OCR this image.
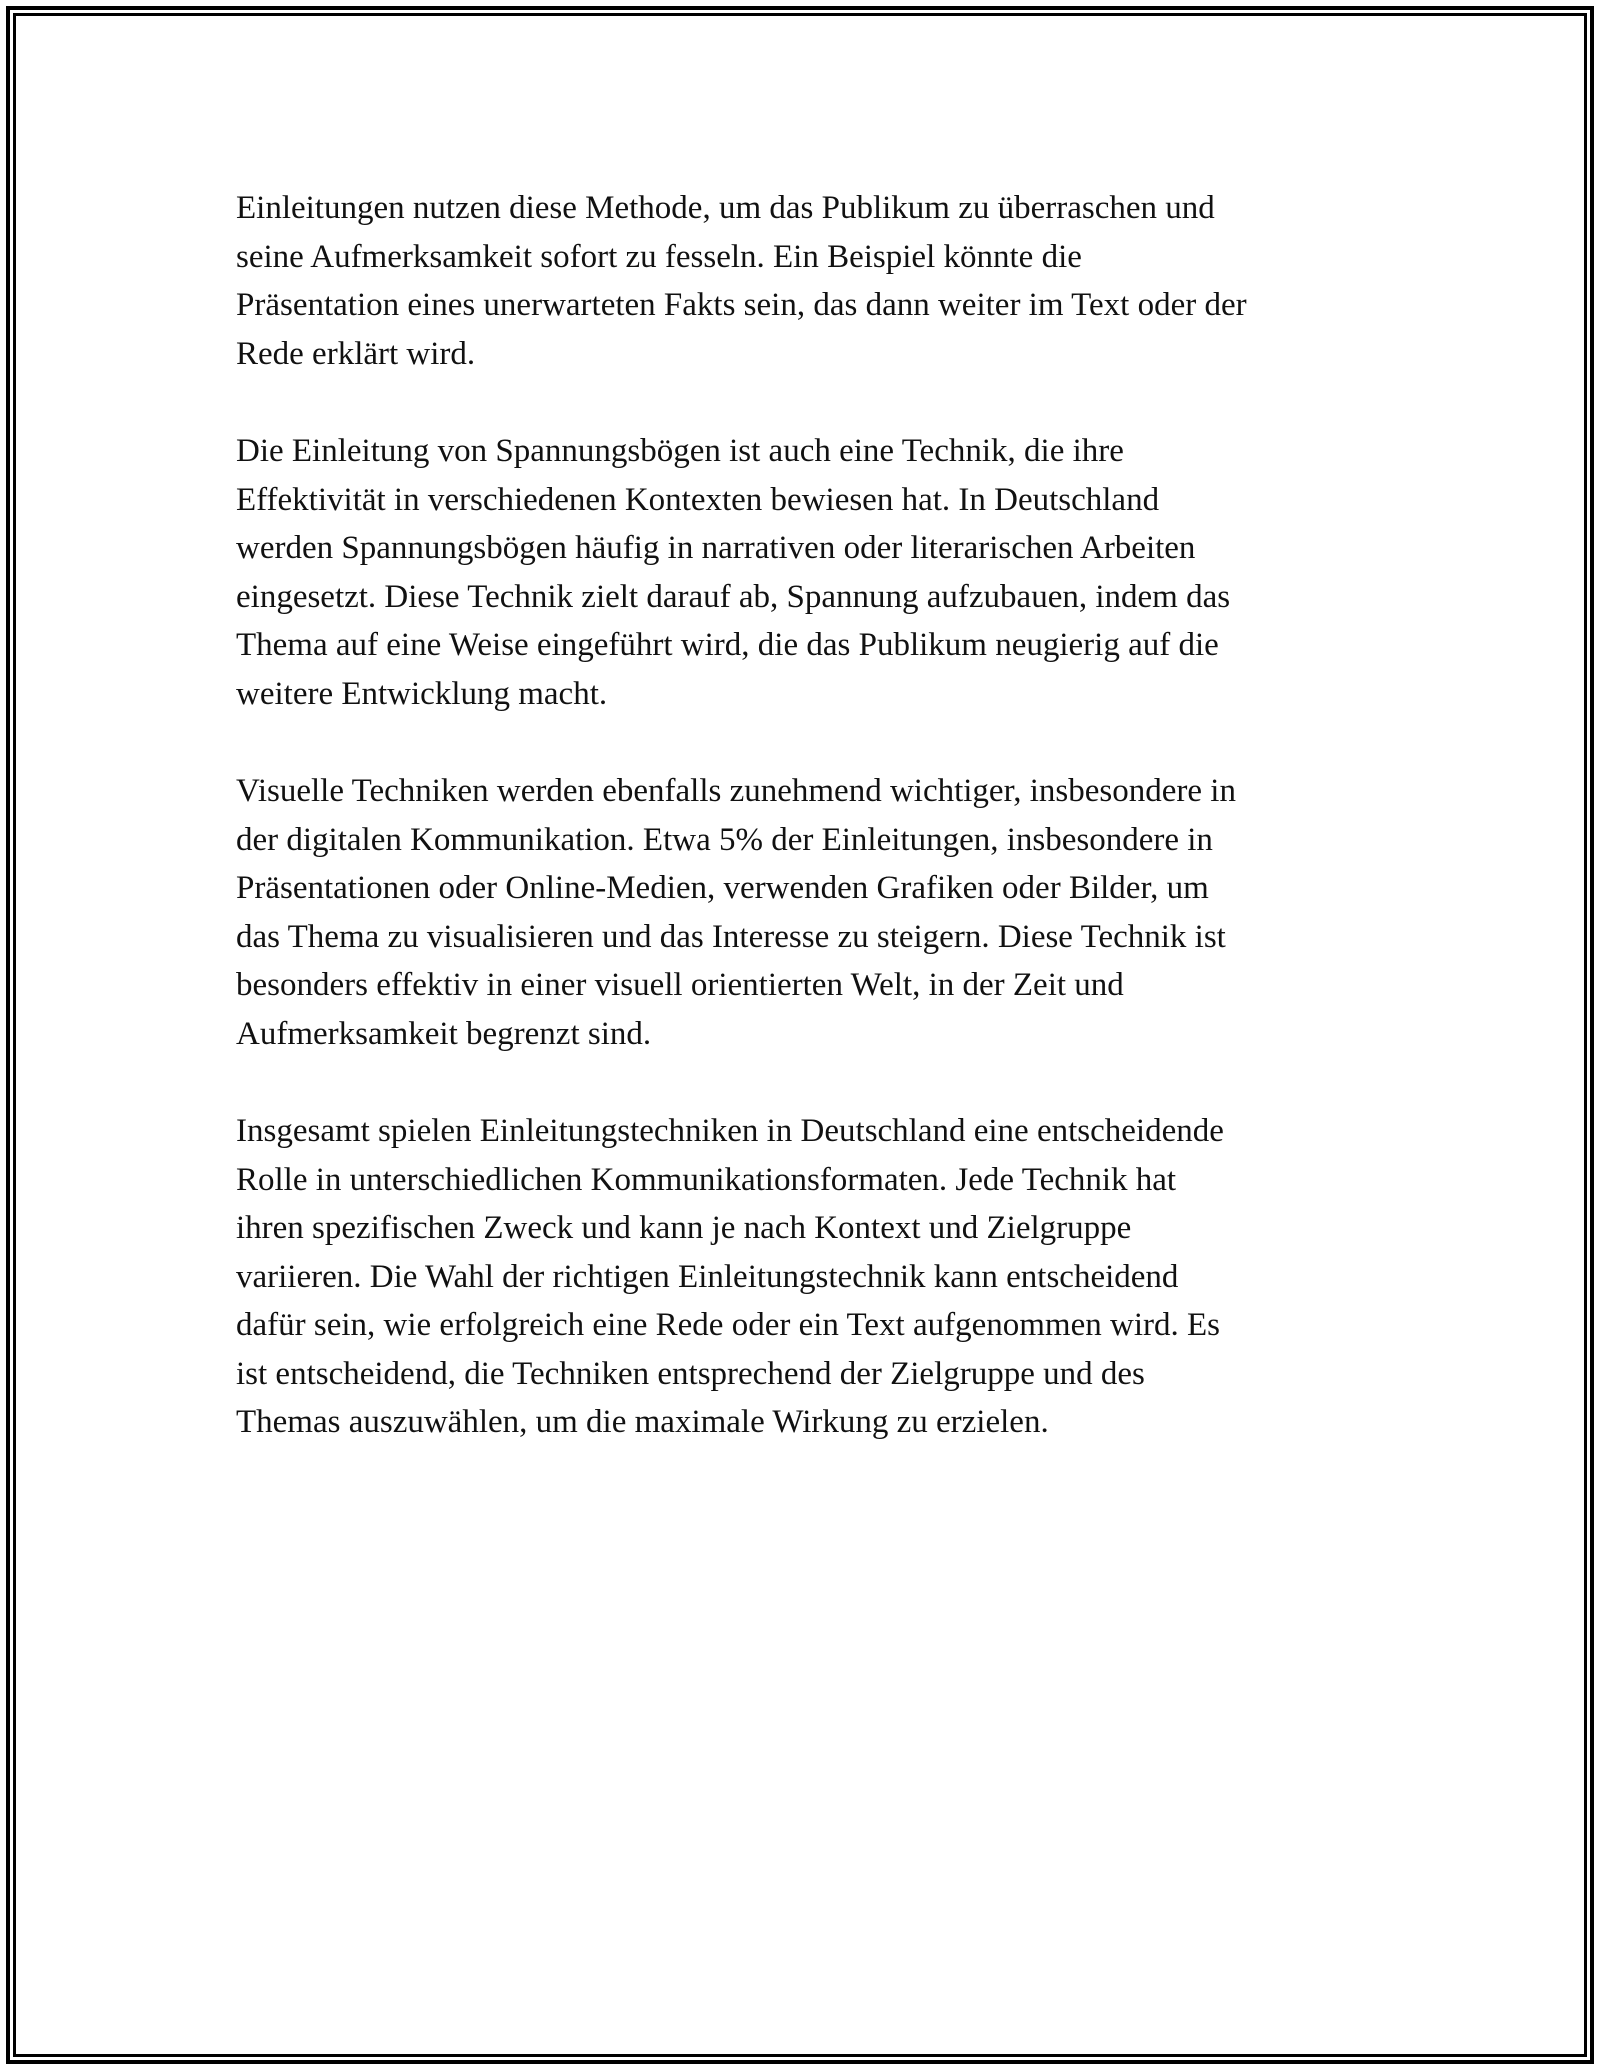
Einleitungen nutzen diese Methode, um das Publikum zu überraschen und
seine Aufmerksamkeit sofort zu fesseln. Ein Beispiel könnte die
Präsentation eines unerwarteten Fakts sein, das dann weiter im Text oder der
Rede erklärt wird.

Die Einleitung von Spannungsbögen ist auch eine Technik, die ihre
Effektivität in verschiedenen Kontexten bewiesen hat. In Deutschland
werden Spannungsbögen häufig in narrativen oder literarischen Arbeiten
eingesetzt. Diese Technik zielt darauf ab, Spannung aufzubauen, indem das
Thema auf eine Weise eingeführt wird, die das Publikum neugierig auf die
weitere Entwicklung macht.

Visuelle Techniken werden ebenfalls zunehmend wichtiger, insbesondere in
der digitalen Kommunikation. Etwa 5% der Einleitungen, insbesondere in
Präsentationen oder Online-Medien, verwenden Grafiken oder Bilder, um
das Thema zu visualisieren und das Interesse zu steigern. Diese Technik ist
besonders effektiv in einer visuell orientierten Welt, in der Zeit und
Aufmerksamkeit begrenzt sind.

Insgesamt spielen Einleitungstechniken in Deutschland eine entscheidende
Rolle in unterschiedlichen Kommunikationsformaten. Jede Technik hat
ihren spezifischen Zweck und kann je nach Kontext und Zielgruppe
variieren. Die Wahl der richtigen Einleitungstechnik kann entscheidend
dafür sein, wie erfolgreich eine Rede oder ein Text aufgenommen wird. Es
ist entscheidend, die Techniken entsprechend der Zielgruppe und des
Themas auszuwählen, um die maximale Wirkung zu erzielen.
